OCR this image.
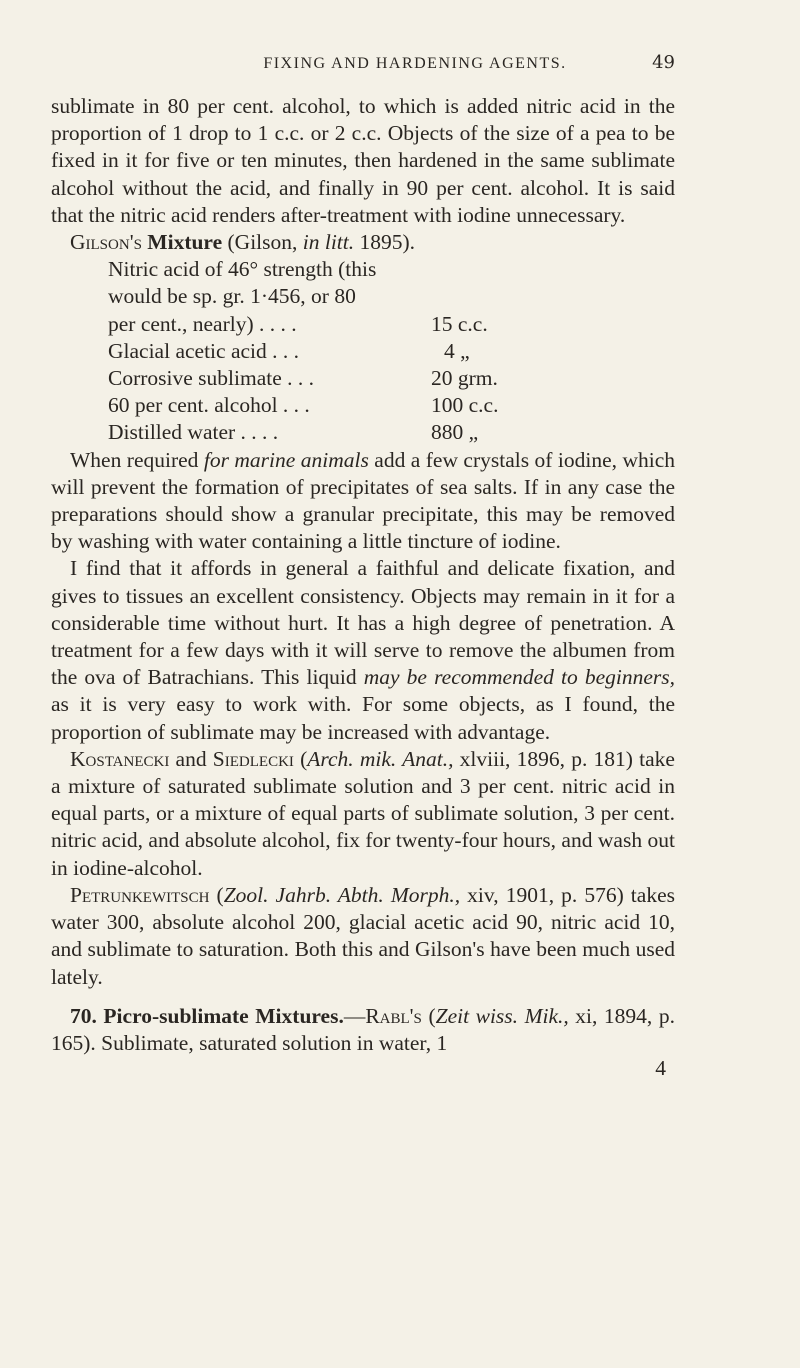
FIXING AND HARDENING AGENTS.	49

sublimate in 80 per cent. alcohol, to which is added nitric acid in the proportion of 1 drop to 1 c.c. or 2 c.c. Objects of the size of a pea to be fixed in it for five or ten minutes, then hardened in the same sublimate alcohol without the acid, and finally in 90 per cent. alcohol. It is said that the nitric acid renders after-treatment with iodine unnecessary.

Gilson's Mixture (Gilson, in litt. 1895).
Nitric acid of 46° strength (this would be sp. gr. 1·456, or 80 per cent., nearly) . . . .	15 c.c.
Glacial acetic acid . . .	4 „
Corrosive sublimate . . .	20 grm.
60 per cent. alcohol . . .	100 c.c.
Distilled water . . . .	880 „

When required for marine animals add a few crystals of iodine, which will prevent the formation of precipitates of sea salts. If in any case the preparations should show a granular precipitate, this may be removed by washing with water containing a little tincture of iodine.

I find that it affords in general a faithful and delicate fixation, and gives to tissues an excellent consistency. Objects may remain in it for a considerable time without hurt. It has a high degree of penetration. A treatment for a few days with it will serve to remove the albumen from the ova of Batrachians. This liquid may be recommended to beginners, as it is very easy to work with. For some objects, as I found, the proportion of sublimate may be increased with advantage.

Kostanecki and Siedlecki (Arch. mik. Anat., xlviii, 1896, p. 181) take a mixture of saturated sublimate solution and 3 per cent. nitric acid in equal parts, or a mixture of equal parts of sublimate solution, 3 per cent. nitric acid, and absolute alcohol, fix for twenty-four hours, and wash out in iodine-alcohol.

Petrunkewitsch (Zool. Jahrb. Abth. Morph., xiv, 1901, p. 576) takes water 300, absolute alcohol 200, glacial acetic acid 90, nitric acid 10, and sublimate to saturation. Both this and Gilson's have been much used lately.

70. Picro-sublimate Mixtures.—Rabl's (Zeit wiss. Mik., xi, 1894, p. 165). Sublimate, saturated solution in water, 1

4
